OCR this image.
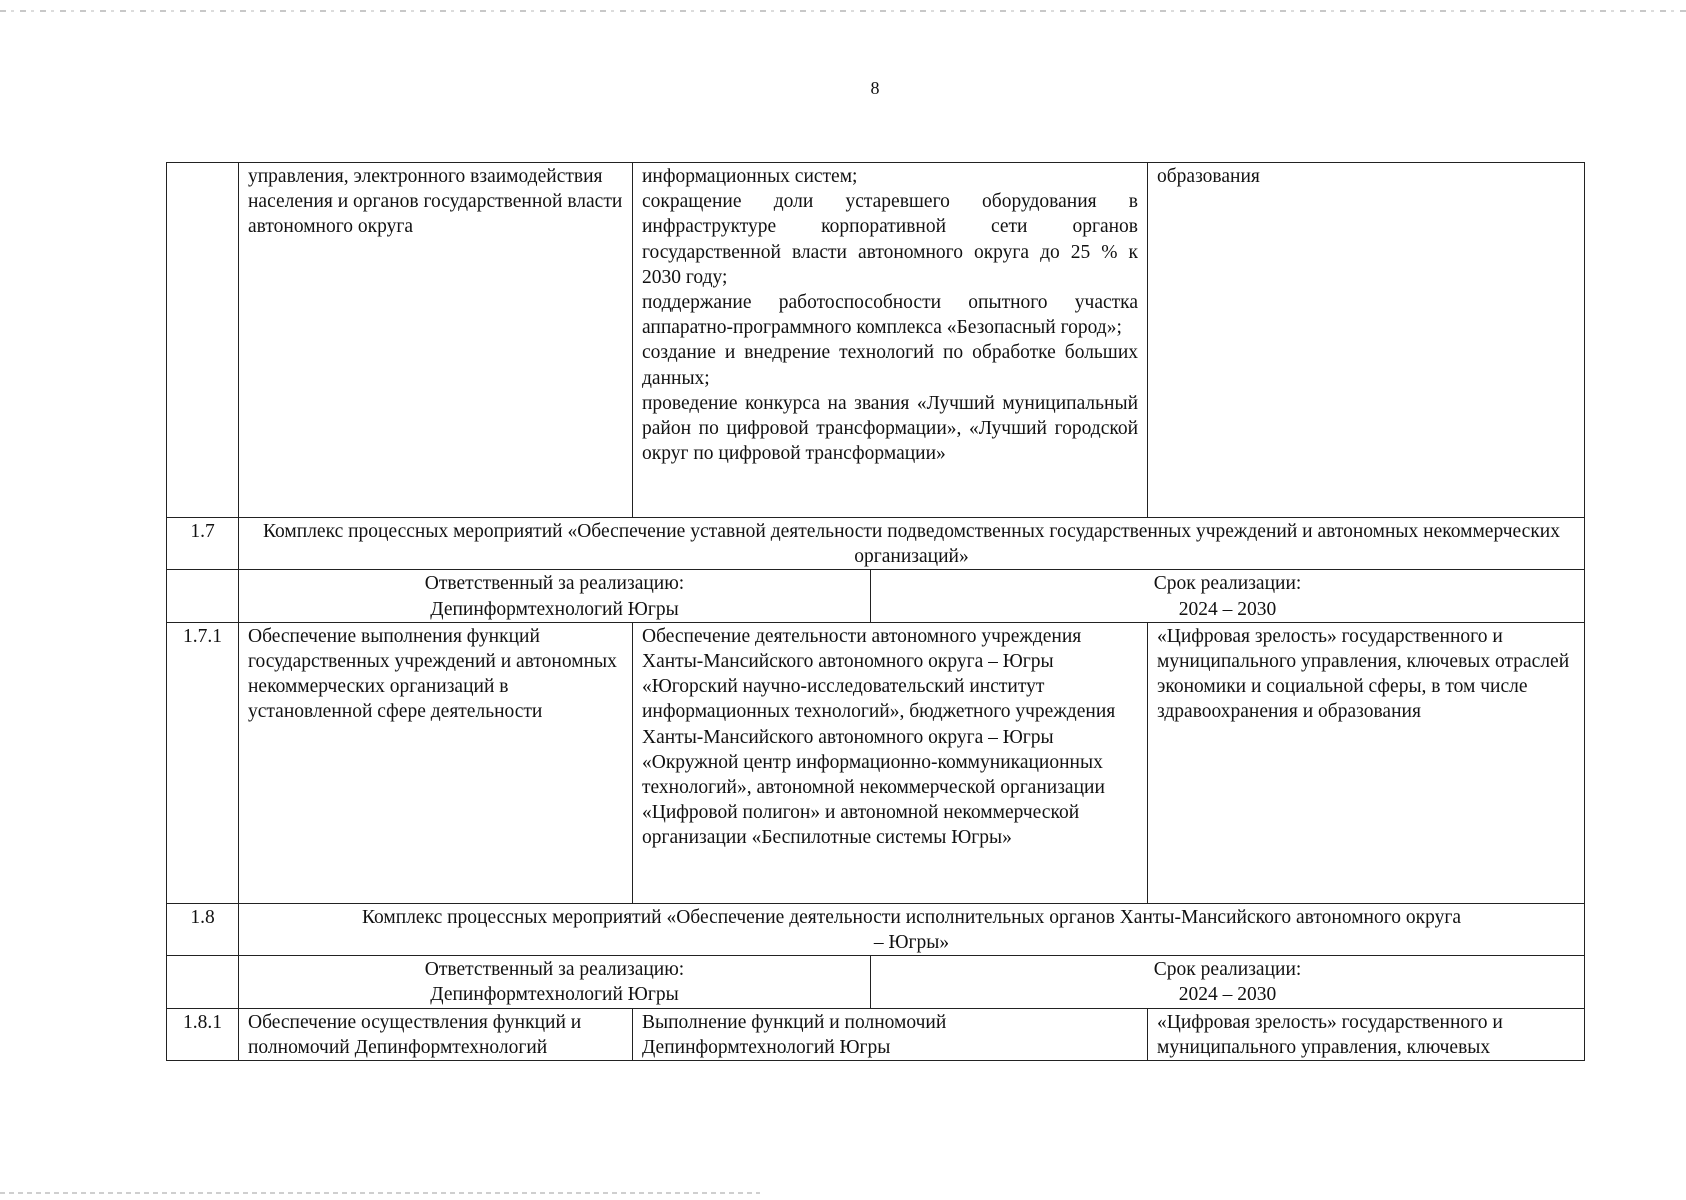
8
	управления, электронного взаимодействия населения и органов государственной власти автономного округа	информационных систем;
сокращение доли устаревшего оборудования в инфраструктуре корпоративной сети органов государственной власти автономного округа до 25 % к 2030 году;
поддержание работоспособности опытного участка аппаратно-программного комплекса «Безопасный город»;
создание и внедрение технологий по обработке больших данных;
проведение конкурса на звания «Лучший муниципальный район по цифровой трансформации», «Лучший городской округ по цифровой трансформации»		образования
1.7	Комплекс процессных мероприятий «Обеспечение уставной деятельности подведомственных государственных учреждений и автономных некоммерческих организаций»			

	Ответственный за реализацию:
Депинформтехнологий Югры		Срок реализации:
2024 – 2030	

1.7.1	Обеспечение выполнения функций государственных учреждений и автономных некоммерческих организаций в установленной сфере деятельности	Обеспечение деятельности автономного учреждения Ханты-Мансийского автономного округа – Югры «Югорский научно-исследовательский институт информационных технологий», бюджетного учреждения Ханты-Мансийского автономного округа – Югры «Окружной центр информационно-коммуникационных технологий», автономной некоммерческой организации «Цифровой полигон» и автономной некоммерческой организации «Беспилотные системы Югры»		«Цифровая зрелость» государственного и муниципального управления, ключевых отраслей экономики и социальной сферы, в том числе здравоохранения и образования
1.8	Комплекс процессных мероприятий «Обеспечение деятельности исполнительных органов Ханты-Мансийского автономного округа – Югры»			

	Ответственный за реализацию:
Депинформтехнологий Югры		Срок реализации:
2024 – 2030	

1.8.1	Обеспечение осуществления функций и полномочий Депинформтехнологий	Выполнение функций и полномочий Депинформтехнологий Югры		«Цифровая зрелость» государственного и муниципального управления, ключевых
